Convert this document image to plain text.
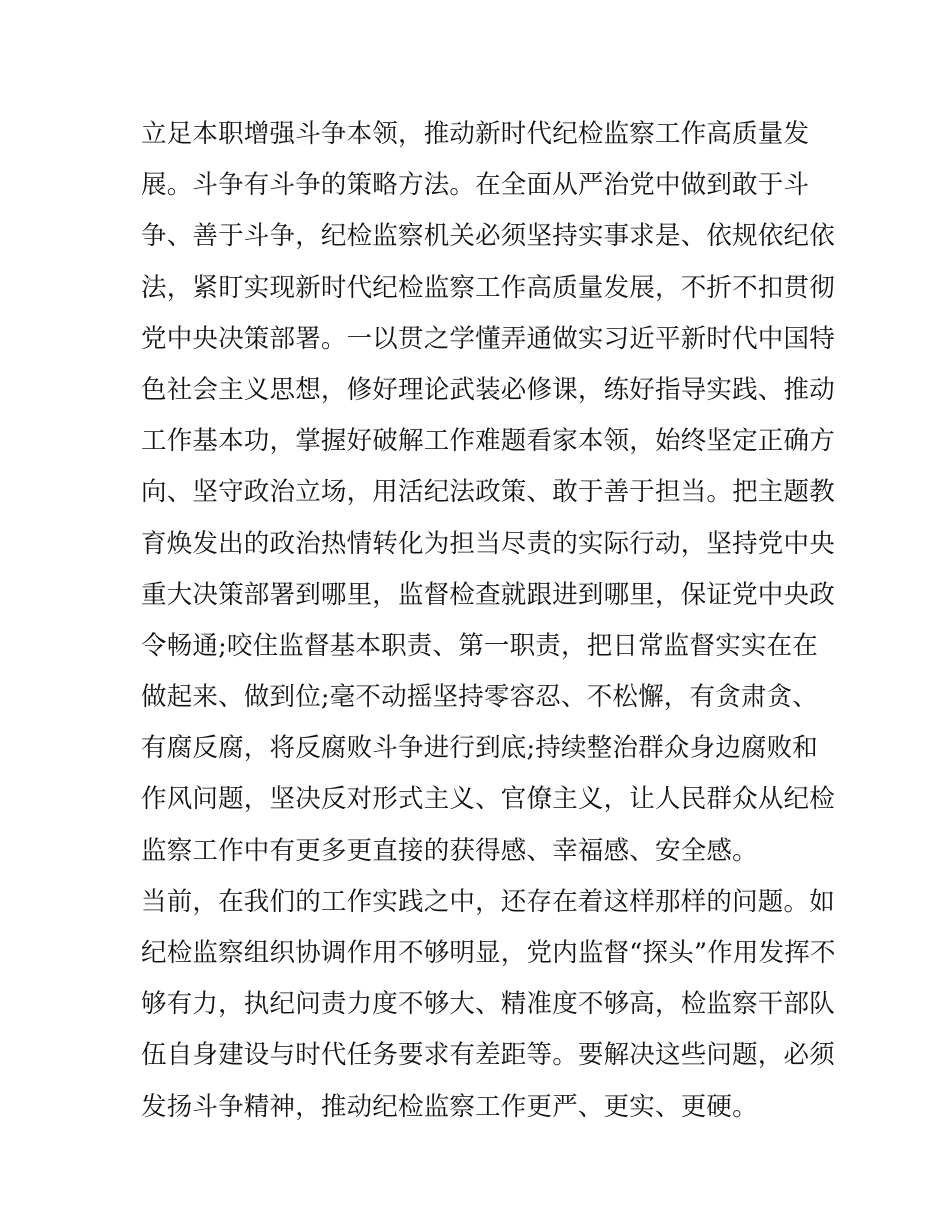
立足本职增强斗争本领，推动新时代纪检监察工作高质量发
展。斗争有斗争的策略方法。在全面从严治党中做到敢于斗
争、善于斗争，纪检监察机关必须坚持实事求是、依规依纪依
法，紧盯实现新时代纪检监察工作高质量发展，不折不扣贯彻
党中央决策部署。一以贯之学懂弄通做实习近平新时代中国特
色社会主义思想，修好理论武装必修课，练好指导实践、推动
工作基本功，掌握好破解工作难题看家本领，始终坚定正确方
向、坚守政治立场，用活纪法政策、敢于善于担当。把主题教
育焕发出的政治热情转化为担当尽责的实际行动，坚持党中央
重大决策部署到哪里，监督检查就跟进到哪里，保证党中央政
令畅通;咬住监督基本职责、第一职责，把日常监督实实在在
做起来、做到位;毫不动摇坚持零容忍、不松懈，有贪肃贪、
有腐反腐，将反腐败斗争进行到底;持续整治群众身边腐败和
作风问题，坚决反对形式主义、官僚主义，让人民群众从纪检
监察工作中有更多更直接的获得感、幸福感、安全感。
当前，在我们的工作实践之中，还存在着这样那样的问题。如
纪检监察组织协调作用不够明显，党内监督“探头”作用发挥不
够有力，执纪问责力度不够大、精准度不够高，检监察干部队
伍自身建设与时代任务要求有差距等。要解决这些问题，必须
发扬斗争精神，推动纪检监察工作更严、更实、更硬。
